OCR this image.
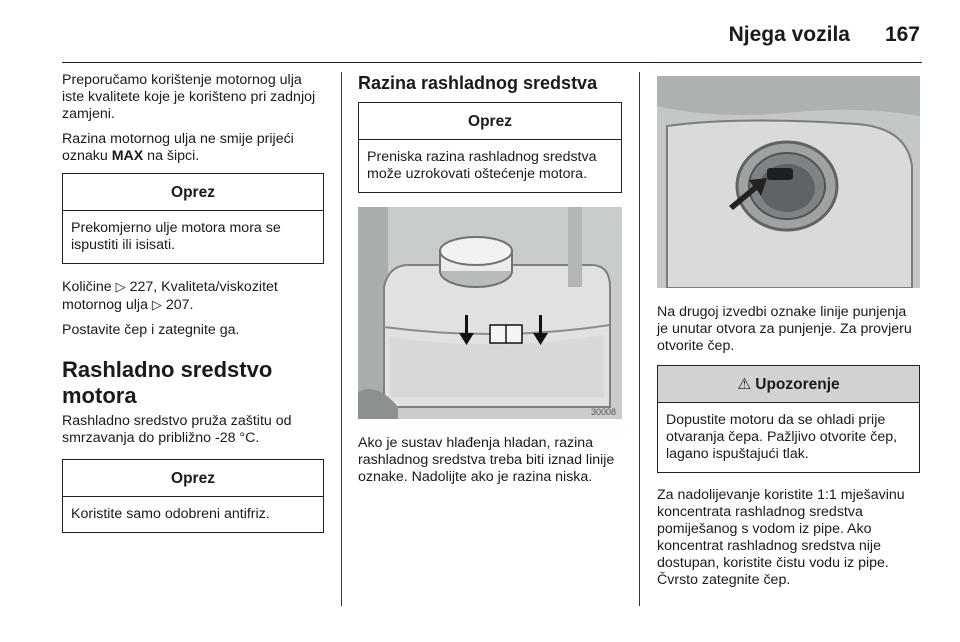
Njega vozila 167

Preporučamo korištenje motornog ulja iste kvalitete koje je korišteno pri zadnjoj zamjeni.

Razina motornog ulja ne smije prijeći oznaku MAX na šipci.

Oprez
Prekomjerno ulje motora mora se ispustiti ili isisati.

Količine ▷ 227, Kvaliteta/viskozitet motornog ulja ▷ 207.

Postavite čep i zategnite ga.

Rashladno sredstvo motora

Rashladno sredstvo pruža zaštitu od smrzavanja do približno -28 °C.

Oprez
Koristite samo odobreni antifriz.
Razina rashladnog sredstva
Oprez
Preniska razina rashladnog sredstva može uzrokovati oštećenje motora.
30008

Ako je sustav hlađenja hladan, razina rashladnog sredstva treba biti iznad linije oznake. Nadolijte ako je razina niska.

Na drugoj izvedbi oznake linije punjenja je unutar otvora za punjenje. Za provjeru otvorite čep.

⚠ Upozorenje
Dopustite motoru da se ohladi prije otvaranja čepa. Pažljivo otvorite čep, lagano ispuštajući tlak.

Za nadolijevanje koristite 1:1 mješavinu koncentrata rashladnog sredstva pomiješanog s vodom iz pipe. Ako koncentrat rashladnog sredstva nije dostupan, koristite čistu vodu iz pipe. Čvrsto zategnite čep.
